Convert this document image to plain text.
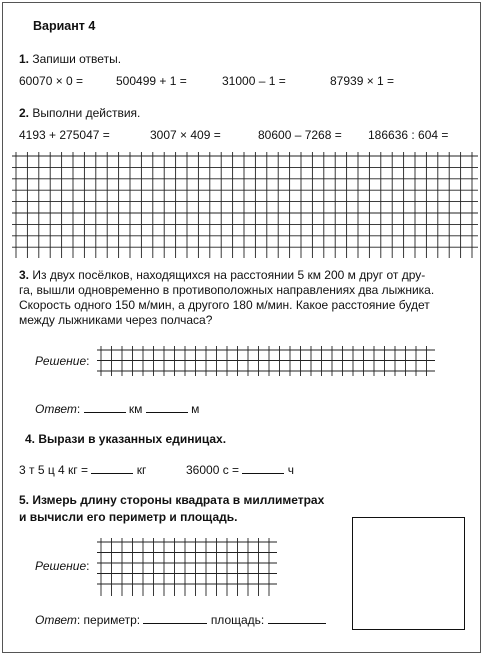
Вариант 4
1. Запиши ответы.
60070 × 0 =	500499 + 1 =	31000 – 1 =	87939 × 1 =
2. Выполни действия.
4193 + 275047 =	3007 × 409 =	80600 – 7268 = 186636 : 604 =
3. Из двух посёлков, находящихся на расстоянии 5 км 200 м друг от дру-
га, вышли одновременно в противоположных направлениях два лыжника.
Скорость одного 150 м/мин, а другого 180 м/мин. Какое расстояние будет
между лыжниками через полчаса?
Решение:
Ответ:	км	м
4. Вырази в указанных единицах.
3 т 5 ц 4 кг =	кг	36000 с =	ч
5. Измерь длину стороны квадрата в миллиметрах
и вычисли его периметр и площадь.
Решение:
Ответ: периметр:	площадь:
